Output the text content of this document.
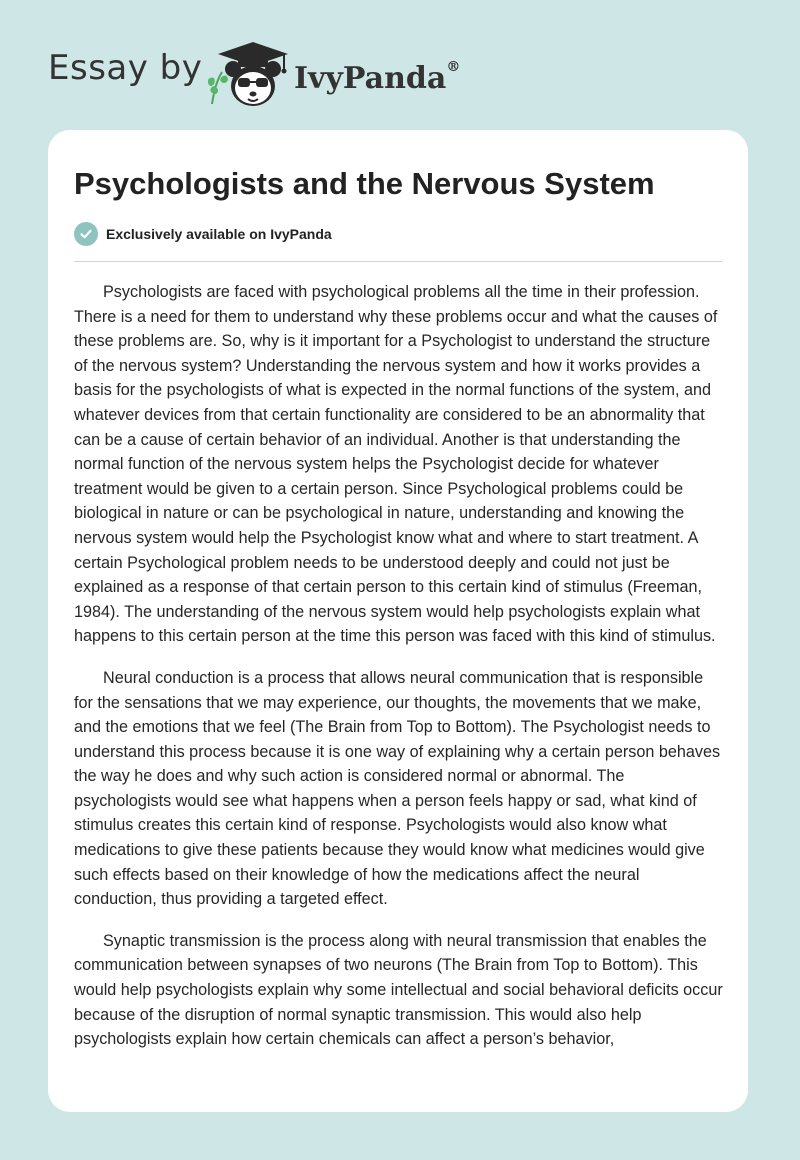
Essay by	IvyPanda®
Psychologists and the Nervous System
Exclusively available on IvyPanda

Psychologists are faced with psychological problems all the time in their profession. There is a need for them to understand why these problems occur and what the causes of these problems are. So, why is it important for a Psychologist to understand the structure of the nervous system? Understanding the nervous system and how it works provides a basis for the psychologists of what is expected in the normal functions of the system, and whatever devices from that certain functionality are considered to be an abnormality that can be a cause of certain behavior of an individual. Another is that understanding the normal function of the nervous system helps the Psychologist decide for whatever treatment would be given to a certain person. Since Psychological problems could be biological in nature or can be psychological in nature, understanding and knowing the nervous system would help the Psychologist know what and where to start treatment. A certain Psychological problem needs to be understood deeply and could not just be explained as a response of that certain person to this certain kind of stimulus (Freeman, 1984). The understanding of the nervous system would help psychologists explain what happens to this certain person at the time this person was faced with this kind of stimulus.

Neural conduction is a process that allows neural communication that is responsible for the sensations that we may experience, our thoughts, the movements that we make, and the emotions that we feel (The Brain from Top to Bottom). The Psychologist needs to understand this process because it is one way of explaining why a certain person behaves the way he does and why such action is considered normal or abnormal. The psychologists would see what happens when a person feels happy or sad, what kind of stimulus creates this certain kind of response. Psychologists would also know what medications to give these patients because they would know what medicines would give such effects based on their knowledge of how the medications affect the neural conduction, thus providing a targeted effect.

Synaptic transmission is the process along with neural transmission that enables the communication between synapses of two neurons (The Brain from Top to Bottom). This would help psychologists explain why some intellectual and social behavioral deficits occur because of the disruption of normal synaptic transmission. This would also help psychologists explain how certain chemicals can affect a person’s behavior,
